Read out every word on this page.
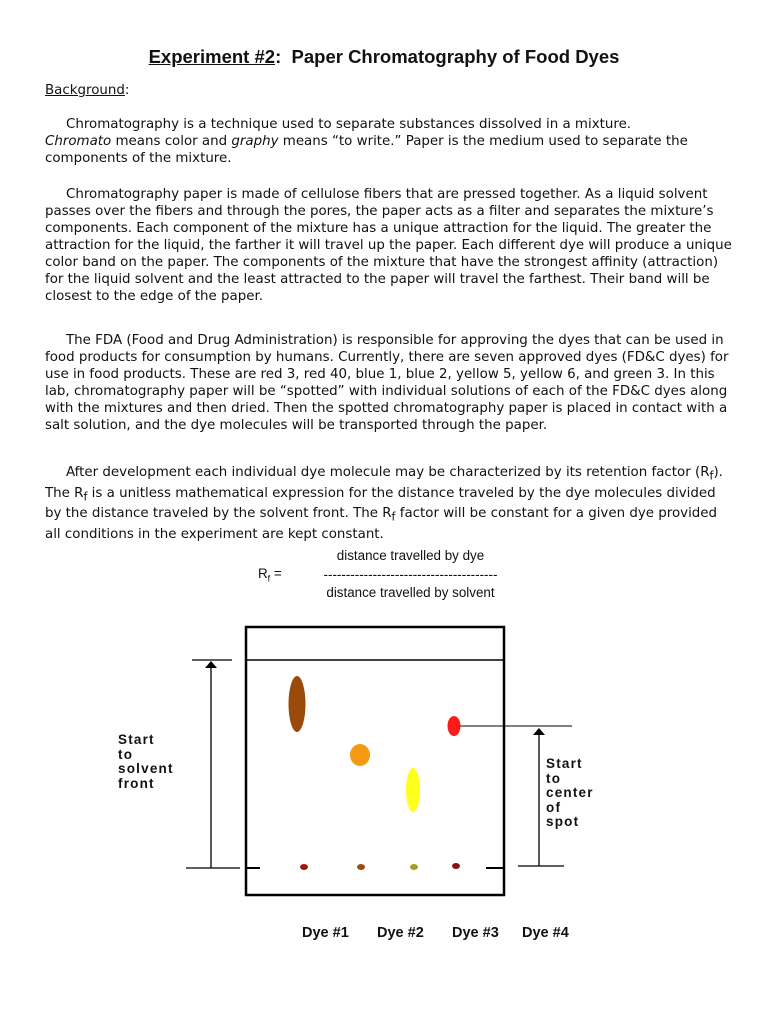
Experiment #2: Paper Chromatography of Food Dyes
Background:
Chromatography is a technique used to separate substances dissolved in a mixture.
Chromato means color and graphy means “to write.” Paper is the medium used to separate the components of the mixture.
Chromatography paper is made of cellulose fibers that are pressed together. As a liquid solvent passes over the fibers and through the pores, the paper acts as a filter and separates the mixture’s components. Each component of the mixture has a unique attraction for the liquid. The greater the attraction for the liquid, the farther it will travel up the paper. Each different dye will produce a unique color band on the paper. The components of the mixture that have the strongest affinity (attraction) for the liquid solvent and the least attracted to the paper will travel the farthest. Their band will be closest to the edge of the paper.
The FDA (Food and Drug Administration) is responsible for approving the dyes that can be used in food products for consumption by humans. Currently, there are seven approved dyes (FD&C dyes) for use in food products. These are red 3, red 40, blue 1, blue 2, yellow 5, yellow 6, and green 3. In this lab, chromatography paper will be “spotted” with individual solutions of each of the FD&C dyes along with the mixtures and then dried. Then the spotted chromatography paper is placed in contact with a salt solution, and the dye molecules will be transported through the paper.
After development each individual dye molecule may be characterized by its retention factor $(R_f)$. The $R_f$ is a unitless mathematical expression for the distance traveled by the dye molecules divided by the distance traveled by the solvent front. The $R_f$ factor will be constant for a given dye provided all conditions in the experiment are kept constant.
$R_f$ =
distance travelled by dye
---------------------------------------
distance travelled by solvent
Start
to
solvent
front
Start
to
center
of
spot
Dye #1 Dye #2 Dye #3 Dye #4
